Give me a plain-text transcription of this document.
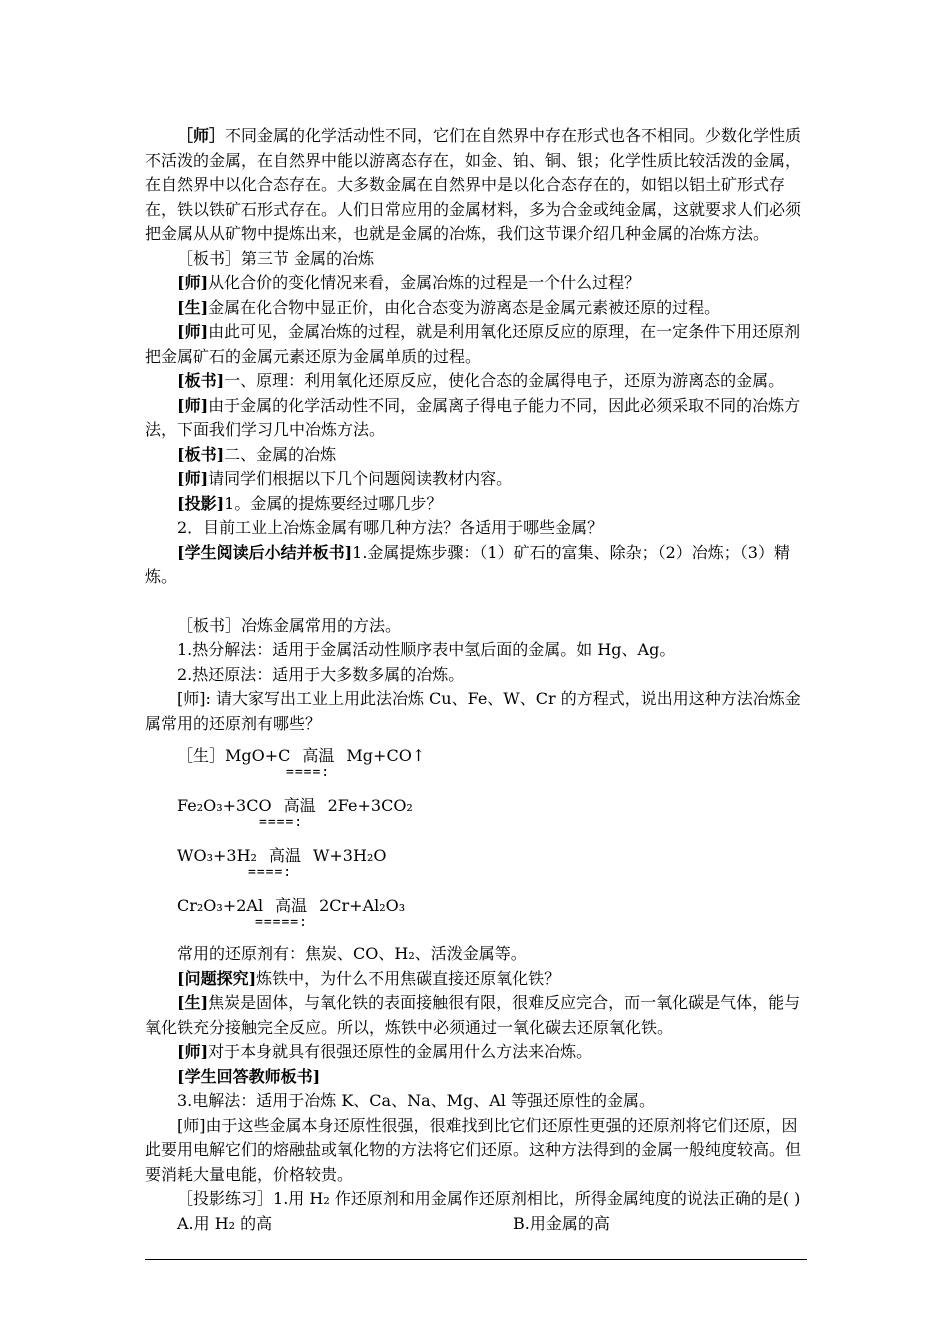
［师］不同金属的化学活动性不同，它们在自然界中存在形式也各不相同。少数化学性质不活泼的金属，在自然界中能以游离态存在，如金、铂、铜、银；化学性质比较活泼的金属，在自然界中以化合态存在。大多数金属在自然界中是以化合态存在的，如铝以铝土矿形式存在，铁以铁矿石形式存在。人们日常应用的金属材料，多为合金或纯金属，这就要求人们必须把金属从从矿物中提炼出来，也就是金属的冶炼，我们这节课介绍几种金属的冶炼方法。

［板书］第三节 金属的冶炼

[师]从化合价的变化情况来看，金属冶炼的过程是一个什么过程？

[生]金属在化合物中显正价，由化合态变为游离态是金属元素被还原的过程。

[师]由此可见，金属冶炼的过程，就是利用氧化还原反应的原理，在一定条件下用还原剂把金属矿石的金属元素还原为金属单质的过程。

[板书]一、原理：利用氧化还原反应，使化合态的金属得电子，还原为游离态的金属。

[师]由于金属的化学活动性不同，金属离子得电子能力不同，因此必须采取不同的冶炼方法，下面我们学习几中冶炼方法。

[板书]二、金属的冶炼

[师]请同学们根据以下几个问题阅读教材内容。

[投影]1。金属的提炼要经过哪几步？

2．目前工业上冶炼金属有哪几种方法？各适用于哪些金属？

[学生阅读后小结并板书]1.金属提炼步骤：（1）矿石的富集、除杂；（2）冶炼；（3）精炼。

［板书］冶炼金属常用的方法。

1.热分解法：适用于金属活动性顺序表中氢后面的金属。如 Hg、Ag。

2.热还原法：适用于大多数多属的冶炼。

[师]: 请大家写出工业上用此法冶炼 Cu、Fe、W、Cr 的方程式，说出用这种方法冶炼金属常用的还原剂有哪些？

［生］MgO+C 高温 Mg+CO↑
====:
Fe₂O₃+3CO 高温 2Fe+3CO₂
====:
WO₃+3H₂ 高温 W+3H₂O
====:
Cr₂O₃+2Al 高温 2Cr+Al₂O₃
=====:

常用的还原剂有：焦炭、CO、H₂、活泼金属等。

[问题探究]炼铁中，为什么不用焦碳直接还原氧化铁？

[生]焦炭是固体，与氧化铁的表面接触很有限，很难反应完合，而一氧化碳是气体，能与氧化铁充分接触完全反应。所以，炼铁中必须通过一氧化碳去还原氧化铁。

[师]对于本身就具有很强还原性的金属用什么方法来冶炼。

[学生回答教师板书]

3.电解法：适用于冶炼 K、Ca、Na、Mg、Al 等强还原性的金属。

[师]由于这些金属本身还原性很强，很难找到比它们还原性更强的还原剂将它们还原，因此要用电解它们的熔融盐或氧化物的方法将它们还原。这种方法得到的金属一般纯度较高。但要消耗大量电能，价格较贵。

［投影练习］1.用 H₂ 作还原剂和用金属作还原剂相比，所得金属纯度的说法正确的是( )

A.用 H₂ 的高	B.用金属的高
